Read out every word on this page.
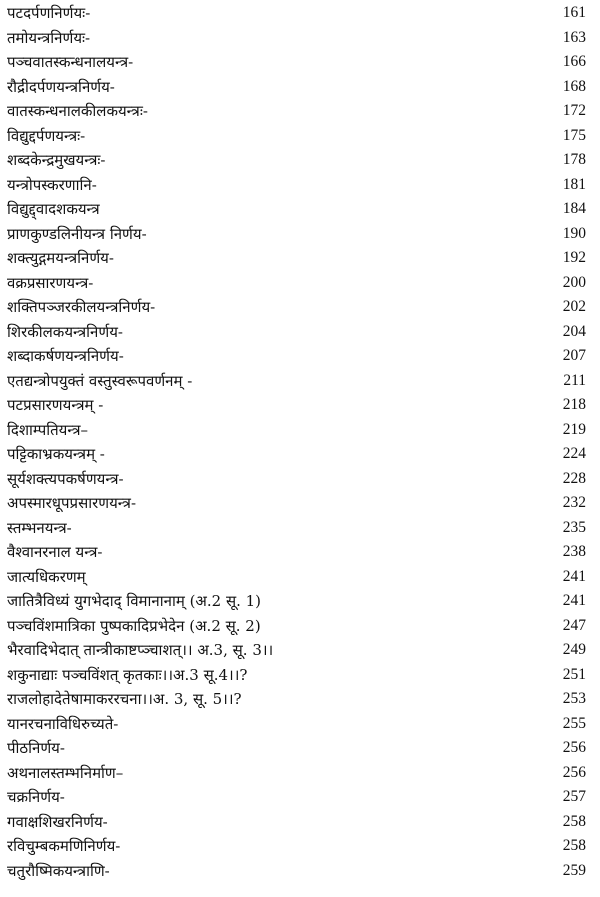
पटदर्पणनिर्णयः-	161
तमोयन्त्रनिर्णयः-	163
पञ्चवातस्कन्धनालयन्त्र-	166
रौद्रीदर्पणयन्त्रनिर्णय-	168
वातस्कन्धनालकीलकयन्त्रः-	172
विद्युद्दर्पणयन्त्रः-	175
शब्दकेन्द्रमुखयन्त्रः-	178
यन्त्रोपस्करणानि-	181
विद्युद्द्वादशकयन्त्र	184
प्राणकुण्डलिनीयन्त्र निर्णय-	190
शक्त्युद्गमयन्त्रनिर्णय-	192
वक्रप्रसारणयन्त्र-	200
शक्तिपञ्जरकीलयन्त्रनिर्णय-	202
शिरकीलकयन्त्रनिर्णय-	204
शब्दाकर्षणयन्त्रनिर्णय-	207
एतद्यन्त्रोपयुक्तं वस्तुस्वरूपवर्णनम् -	211
पटप्रसारणयन्त्रम् -	218
दिशाम्पतियन्त्र–	219
पट्टिकाभ्रकयन्त्रम् -	224
सूर्यशक्त्यपकर्षणयन्त्र-	228
अपस्मारधूपप्रसारणयन्त्र-	232
स्तम्भनयन्त्र-	235
वैश्वानरनाल यन्त्र-	238
जात्यधिकरणम्	241
जातित्रैविध्यं युगभेदाद् विमानानाम् (अ.2 सू. 1)	241
पञ्चविंशमात्रिका पुष्पकादिप्रभेदेन (अ.2 सू. 2)	247
भैरवादिभेदात् तान्त्रीकाष्टप्ञ्चाशत्।। अ.3, सू. 3।।	249
शकुनाद्याः पञ्चविंशत् कृतकाः।।अ.3 सू.4।।?	251
राजलोहादेतेषामाकररचना।।अ. 3, सू. 5।।?	253
यानरचनाविधिरुच्यते-	255
पीठनिर्णय-	256
अथनालस्तम्भनिर्माण–	256
चक्रनिर्णय-	257
गवाक्षशिखरनिर्णय-	258
रविचुम्बकमणिनिर्णय-	258
चतुरौष्मिकयन्त्राणि-	259
